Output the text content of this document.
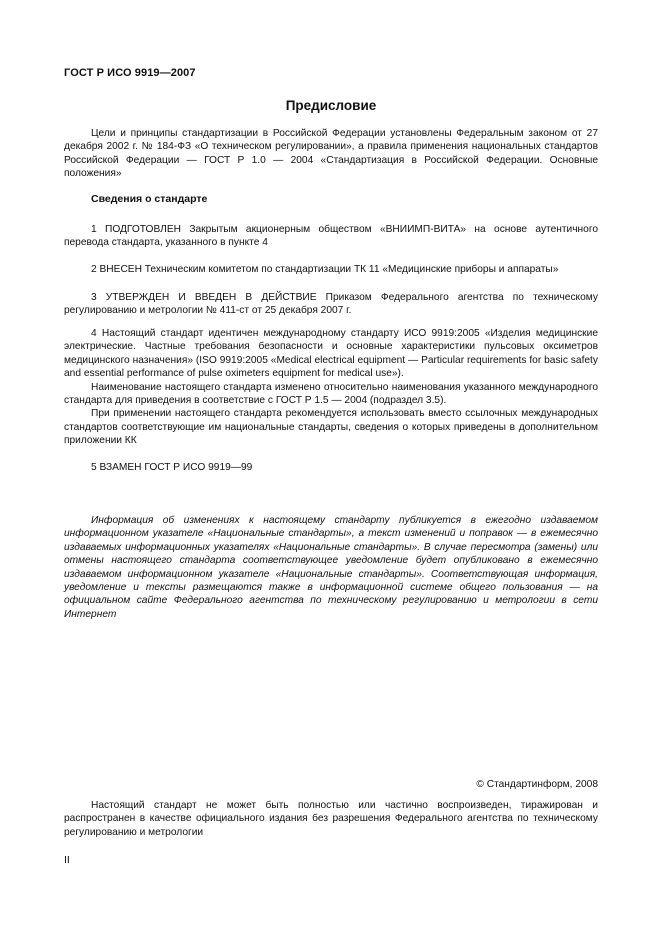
ГОСТ Р ИСО 9919—2007
Предисловие

Цели и принципы стандартизации в Российской Федерации установлены Федеральным законом от 27 декабря 2002 г. № 184-ФЗ «О техническом регулировании», а правила применения национальных стандартов Российской Федерации — ГОСТ Р 1.0 — 2004 «Стандартизация в Российской Федерации. Основные положения»

Сведения о стандарте

1 ПОДГОТОВЛЕН Закрытым акционерным обществом «ВНИИМП-ВИТА» на основе аутентичного перевода стандарта, указанного в пункте 4

2 ВНЕСЕН Техническим комитетом по стандартизации ТК 11 «Медицинские приборы и аппараты»

3 УТВЕРЖДЕН И ВВЕДЕН В ДЕЙСТВИЕ Приказом Федерального агентства по техническому регулированию и метрологии № 411-ст от 25 декабря 2007 г.

4 Настоящий стандарт идентичен международному стандарту ИСО 9919:2005 «Изделия медицинские электрические. Частные требования безопасности и основные характеристики пульсовых оксиметров медицинского назначения» (ISO 9919:2005 «Medical electrical equipment — Particular requirements for basic safety and essential performance of pulse oximeters equipment for medical use»).

Наименование настоящего стандарта изменено относительно наименования указанного международного стандарта для приведения в соответствие с ГОСТ Р 1.5 — 2004 (подраздел 3.5).

При применении настоящего стандарта рекомендуется использовать вместо ссылочных международных стандартов соответствующие им национальные стандарты, сведения о которых приведены в дополнительном приложении КК

5 ВЗАМЕН ГОСТ Р ИСО 9919—99

Информация об изменениях к настоящему стандарту публикуется в ежегодно издаваемом информационном указателе «Национальные стандарты», а текст изменений и поправок — в ежемесячно издаваемых информационных указателях «Национальные стандарты». В случае пересмотра (замены) или отмены настоящего стандарта соответствующее уведомление будет опубликовано в ежемесячно издаваемом информационном указателе «Национальные стандарты». Соответствующая информация, уведомление и тексты размещаются также в информационной системе общего пользования — на официальном сайте Федерального агентства по техническому регулированию и метрологии в сети Интернет

© Стандартинформ, 2008

Настоящий стандарт не может быть полностью или частично воспроизведен, тиражирован и распространен в качестве официального издания без разрешения Федерального агентства по техническому регулированию и метрологии

II
